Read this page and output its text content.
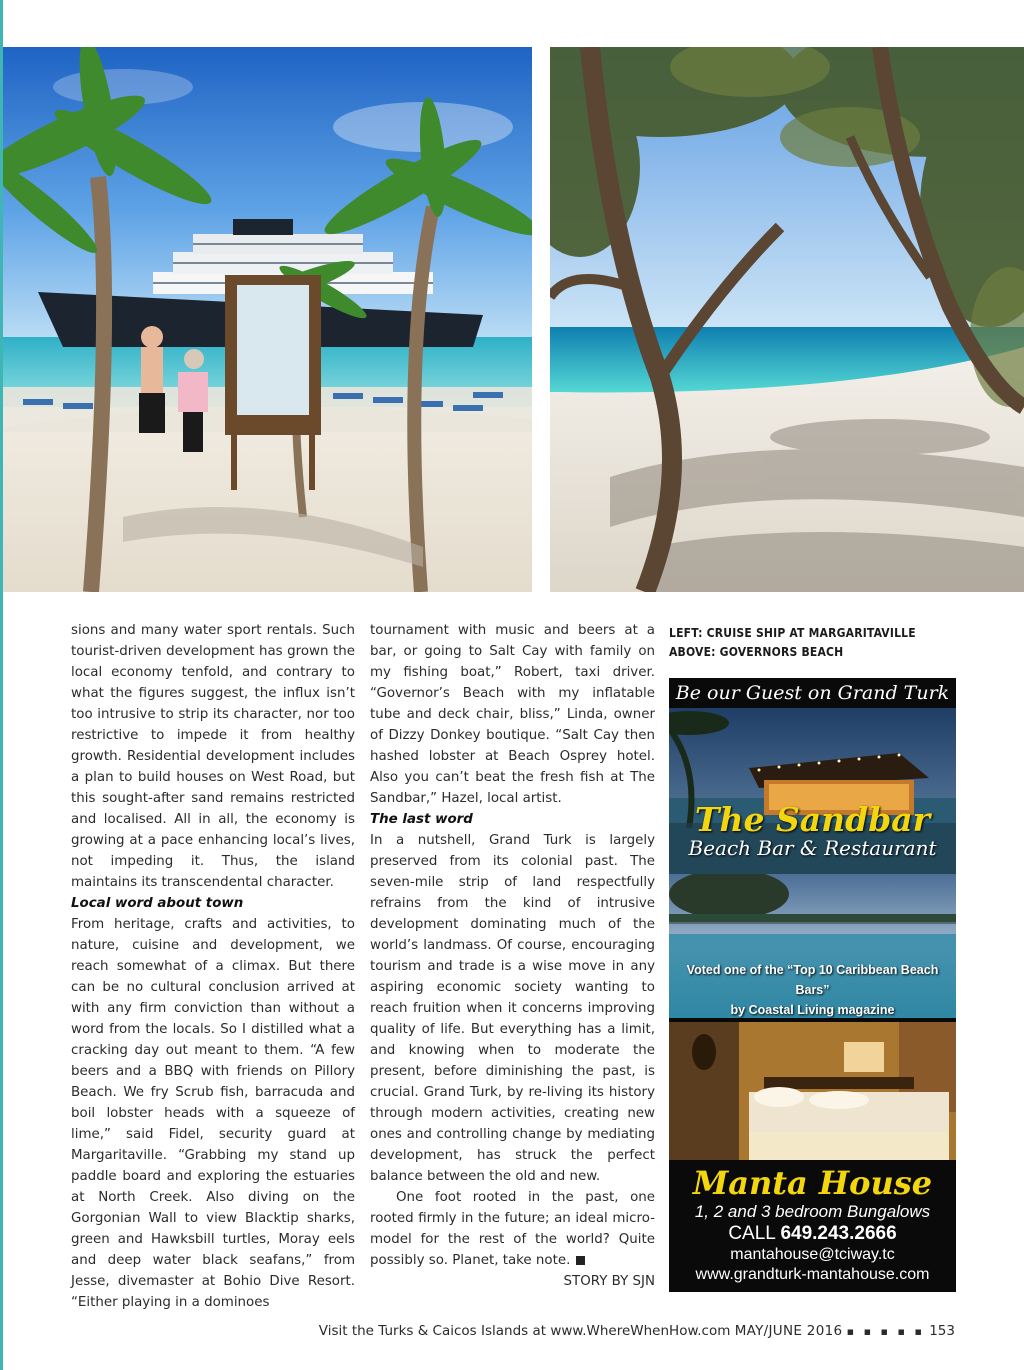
sions and many water sport rentals. Such tourist-driven development has grown the local economy tenfold, and contrary to what the figures suggest, the influx isn’t too intrusive to strip its character, nor too restrictive to impede it from healthy growth. Residential development includes a plan to build houses on West Road, but this sought-after sand remains restricted and localised. All in all, the economy is growing at a pace enhancing local’s lives, not impeding it. Thus, the island maintains its transcendental character.

Local word about town

From heritage, crafts and activities, to nature, cuisine and development, we reach somewhat of a climax. But there can be no cultural conclusion arrived at with any firm conviction than without a word from the locals. So I distilled what a cracking day out meant to them. “A few beers and a BBQ with friends on Pillory Beach. We fry Scrub fish, barracuda and boil lobster heads with a squeeze of lime,” said Fidel, security guard at Margaritaville. “Grabbing my stand up paddle board and exploring the estuaries at North Creek. Also diving on the Gorgonian Wall to view Blacktip sharks, green and Hawksbill turtles, Moray eels and deep water black seafans,” from Jesse, divemaster at Bohio Dive Resort. “Either playing in a dominoes

tournament with music and beers at a bar, or going to Salt Cay with family on my fishing boat,” Robert, taxi driver. “Governor’s Beach with my inflatable tube and deck chair, bliss,” Linda, owner of Dizzy Donkey boutique. “Salt Cay then hashed lobster at Beach Osprey hotel. Also you can’t beat the fresh fish at The Sandbar,” Hazel, local artist.

The last word

In a nutshell, Grand Turk is largely preserved from its colonial past. The seven-mile strip of land respectfully refrains from the kind of intrusive development dominating much of the world’s landmass. Of course, encouraging tourism and trade is a wise move in any aspiring economic society wanting to reach fruition when it concerns improving quality of life. But everything has a limit, and knowing when to moderate the present, before diminishing the past, is crucial. Grand Turk, by re-living its history through modern activities, creating new ones and controlling change by mediating development, has struck the perfect balance between the old and new.

One foot rooted in the past, one rooted firmly in the future; an ideal micro-model for the rest of the world? Quite possibly so. Planet, take note.

STORY BY SJN

LEFT: CRUISE SHIP AT MARGARITAVILLE
ABOVE: GOVERNORS BEACH
Be our Guest on Grand Turk
The Sandbar
Beach Bar & Restaurant
Voted one of the “Top 10 Caribbean Beach Bars”
by Coastal Living magazine
Manta House
1, 2 and 3 bedroom Bungalows
CALL 649.243.2666
mantahouse@tciway.tc
www.grandturk-mantahouse.com
Visit the Turks & Caicos Islands at www.WhereWhenHow.com MAY/JUNE 2016 ▪ ▪ ▪ ▪ ▪ 153
